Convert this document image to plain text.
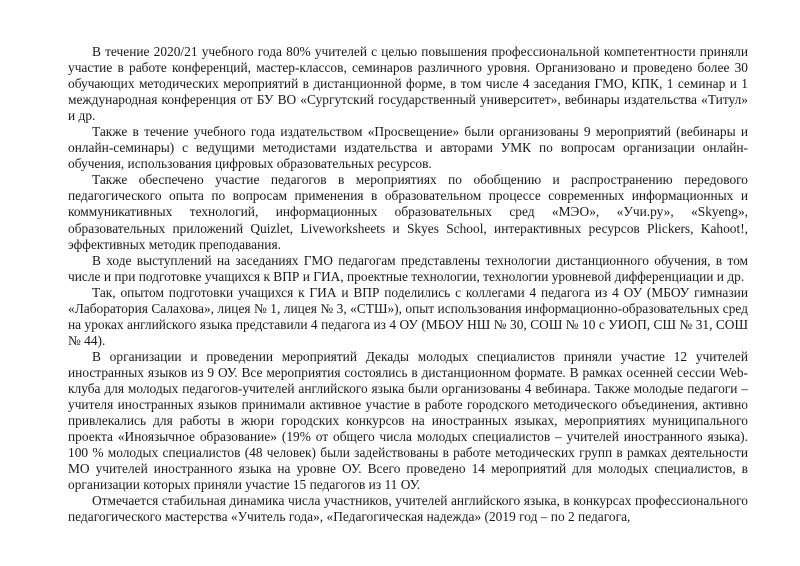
В течение 2020/21 учебного года 80% учителей с целью повышения профессиональной компетентности приняли участие в работе конференций, мастер-классов, семинаров различного уровня. Организовано и проведено более 30 обучающих методических мероприятий в дистанционной форме, в том числе 4 заседания ГМО, КПК, 1 семинар и 1 международная конференция от БУ ВО «Сургутский государственный университет», вебинары издательства «Титул» и др.

Также в течение учебного года издательством «Просвещение» были организованы 9 мероприятий (вебинары и онлайн-семинары) с ведущими методистами издательства и авторами УМК по вопросам организации онлайн-обучения, использования цифровых образовательных ресурсов.

Также обеспечено участие педагогов в мероприятиях по обобщению и распространению передового педагогического опыта по вопросам применения в образовательном процессе современных информационных и коммуникативных технологий, информационных образовательных сред «МЭО», «Учи.ру», «Skyeng», образовательных приложений Quizlet, Liveworksheets и Skyes School, интерактивных ресурсов Plickers, Kahoot!, эффективных методик преподавания.

В ходе выступлений на заседаниях ГМО педагогам представлены технологии дистанционного обучения, в том числе и при подготовке учащихся к ВПР и ГИА, проектные технологии, технологии уровневой дифференциации и др.

Так, опытом подготовки учащихся к ГИА и ВПР поделились с коллегами 4 педагога из 4 ОУ (МБОУ гимназии «Лаборатория Салахова», лицея № 1, лицея № 3, «СТШ»), опыт использования информационно-образовательных сред на уроках английского языка представили 4 педагога из 4 ОУ (МБОУ НШ № 30, СОШ № 10 с УИОП, СШ № 31, СОШ № 44).

В организации и проведении мероприятий Декады молодых специалистов приняли участие 12 учителей иностранных языков из 9 ОУ. Все мероприятия состоялись в дистанционном формате. В рамках осенней сессии Web-клуба для молодых педагогов-учителей английского языка были организованы 4 вебинара. Также молодые педагоги – учителя иностранных языков принимали активное участие в работе городского методического объединения, активно привлекались для работы в жюри городских конкурсов на иностранных языках, мероприятиях муниципального проекта «Иноязычное образование» (19% от общего числа молодых специалистов – учителей иностранного языка). 100 % молодых специалистов (48 человек) были задействованы в работе методических групп в рамках деятельности МО учителей иностранного языка на уровне ОУ. Всего проведено 14 мероприятий для молодых специалистов, в организации которых приняли участие 15 педагогов из 11 ОУ.

Отмечается стабильная динамика числа участников, учителей английского языка, в конкурсах профессионального педагогического мастерства «Учитель года», «Педагогическая надежда» (2019 год – по 2 педагога,
